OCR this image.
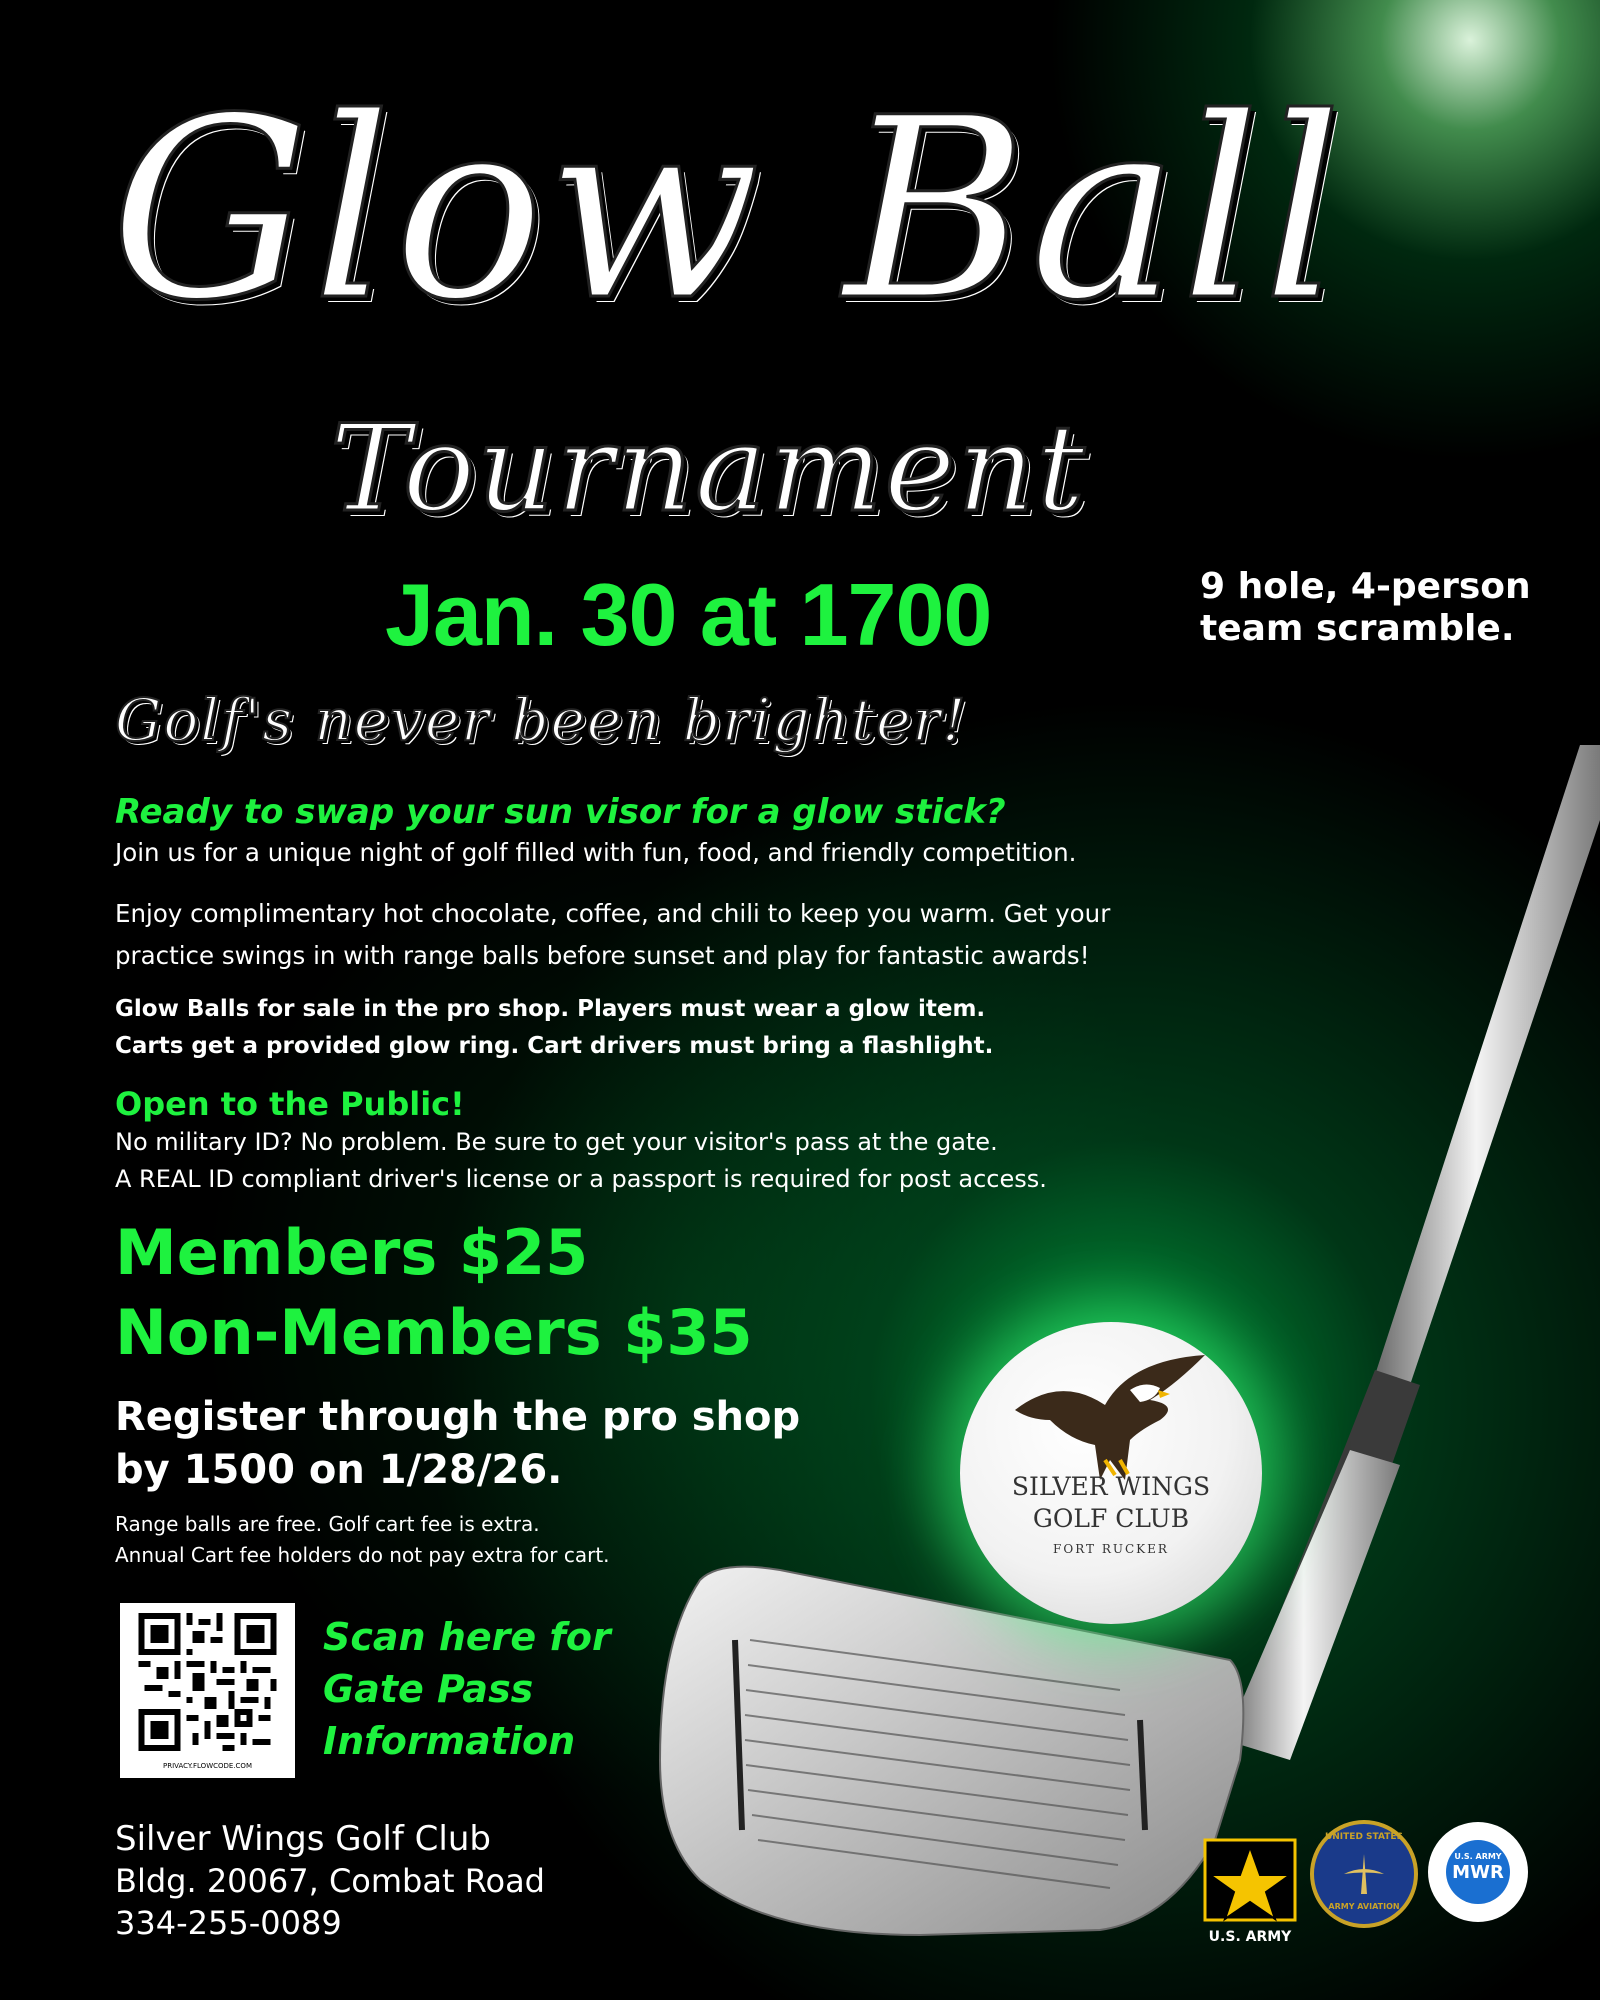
Glow Ball
Tournament
Jan. 30 at 1700	9 hole, 4-person
team scramble.
Golf's never been brighter!
Ready to swap your sun visor for a glow stick?
Join us for a unique night of golf filled with fun, food, and friendly competition.
Enjoy complimentary hot chocolate, coffee, and chili to keep you warm. Get your
practice swings in with range balls before sunset and play for fantastic awards!
Glow Balls for sale in the pro shop. Players must wear a glow item.
Carts get a provided glow ring. Cart drivers must bring a flashlight.
Open to the Public!
No military ID? No problem. Be sure to get your visitor's pass at the gate.
A REAL ID compliant driver's license or a passport is required for post access.
Members $25
Non-Members $35
Register through the pro shop
by 1500 on 1/28/26.
Range balls are free. Golf cart fee is extra.
Annual Cart fee holders do not pay extra for cart.
PRIVACY.FLOWCODE.COM
Scan here for
Gate Pass
Information
Silver Wings Golf Club
Bldg. 20067, Combat Road
334-255-0089
SILVER WINGS
GOLF CLUB
FORT RUCKER
U.S. ARMY
UNITED STATES
ARMY AVIATION
U.S. ARMY
MWR
